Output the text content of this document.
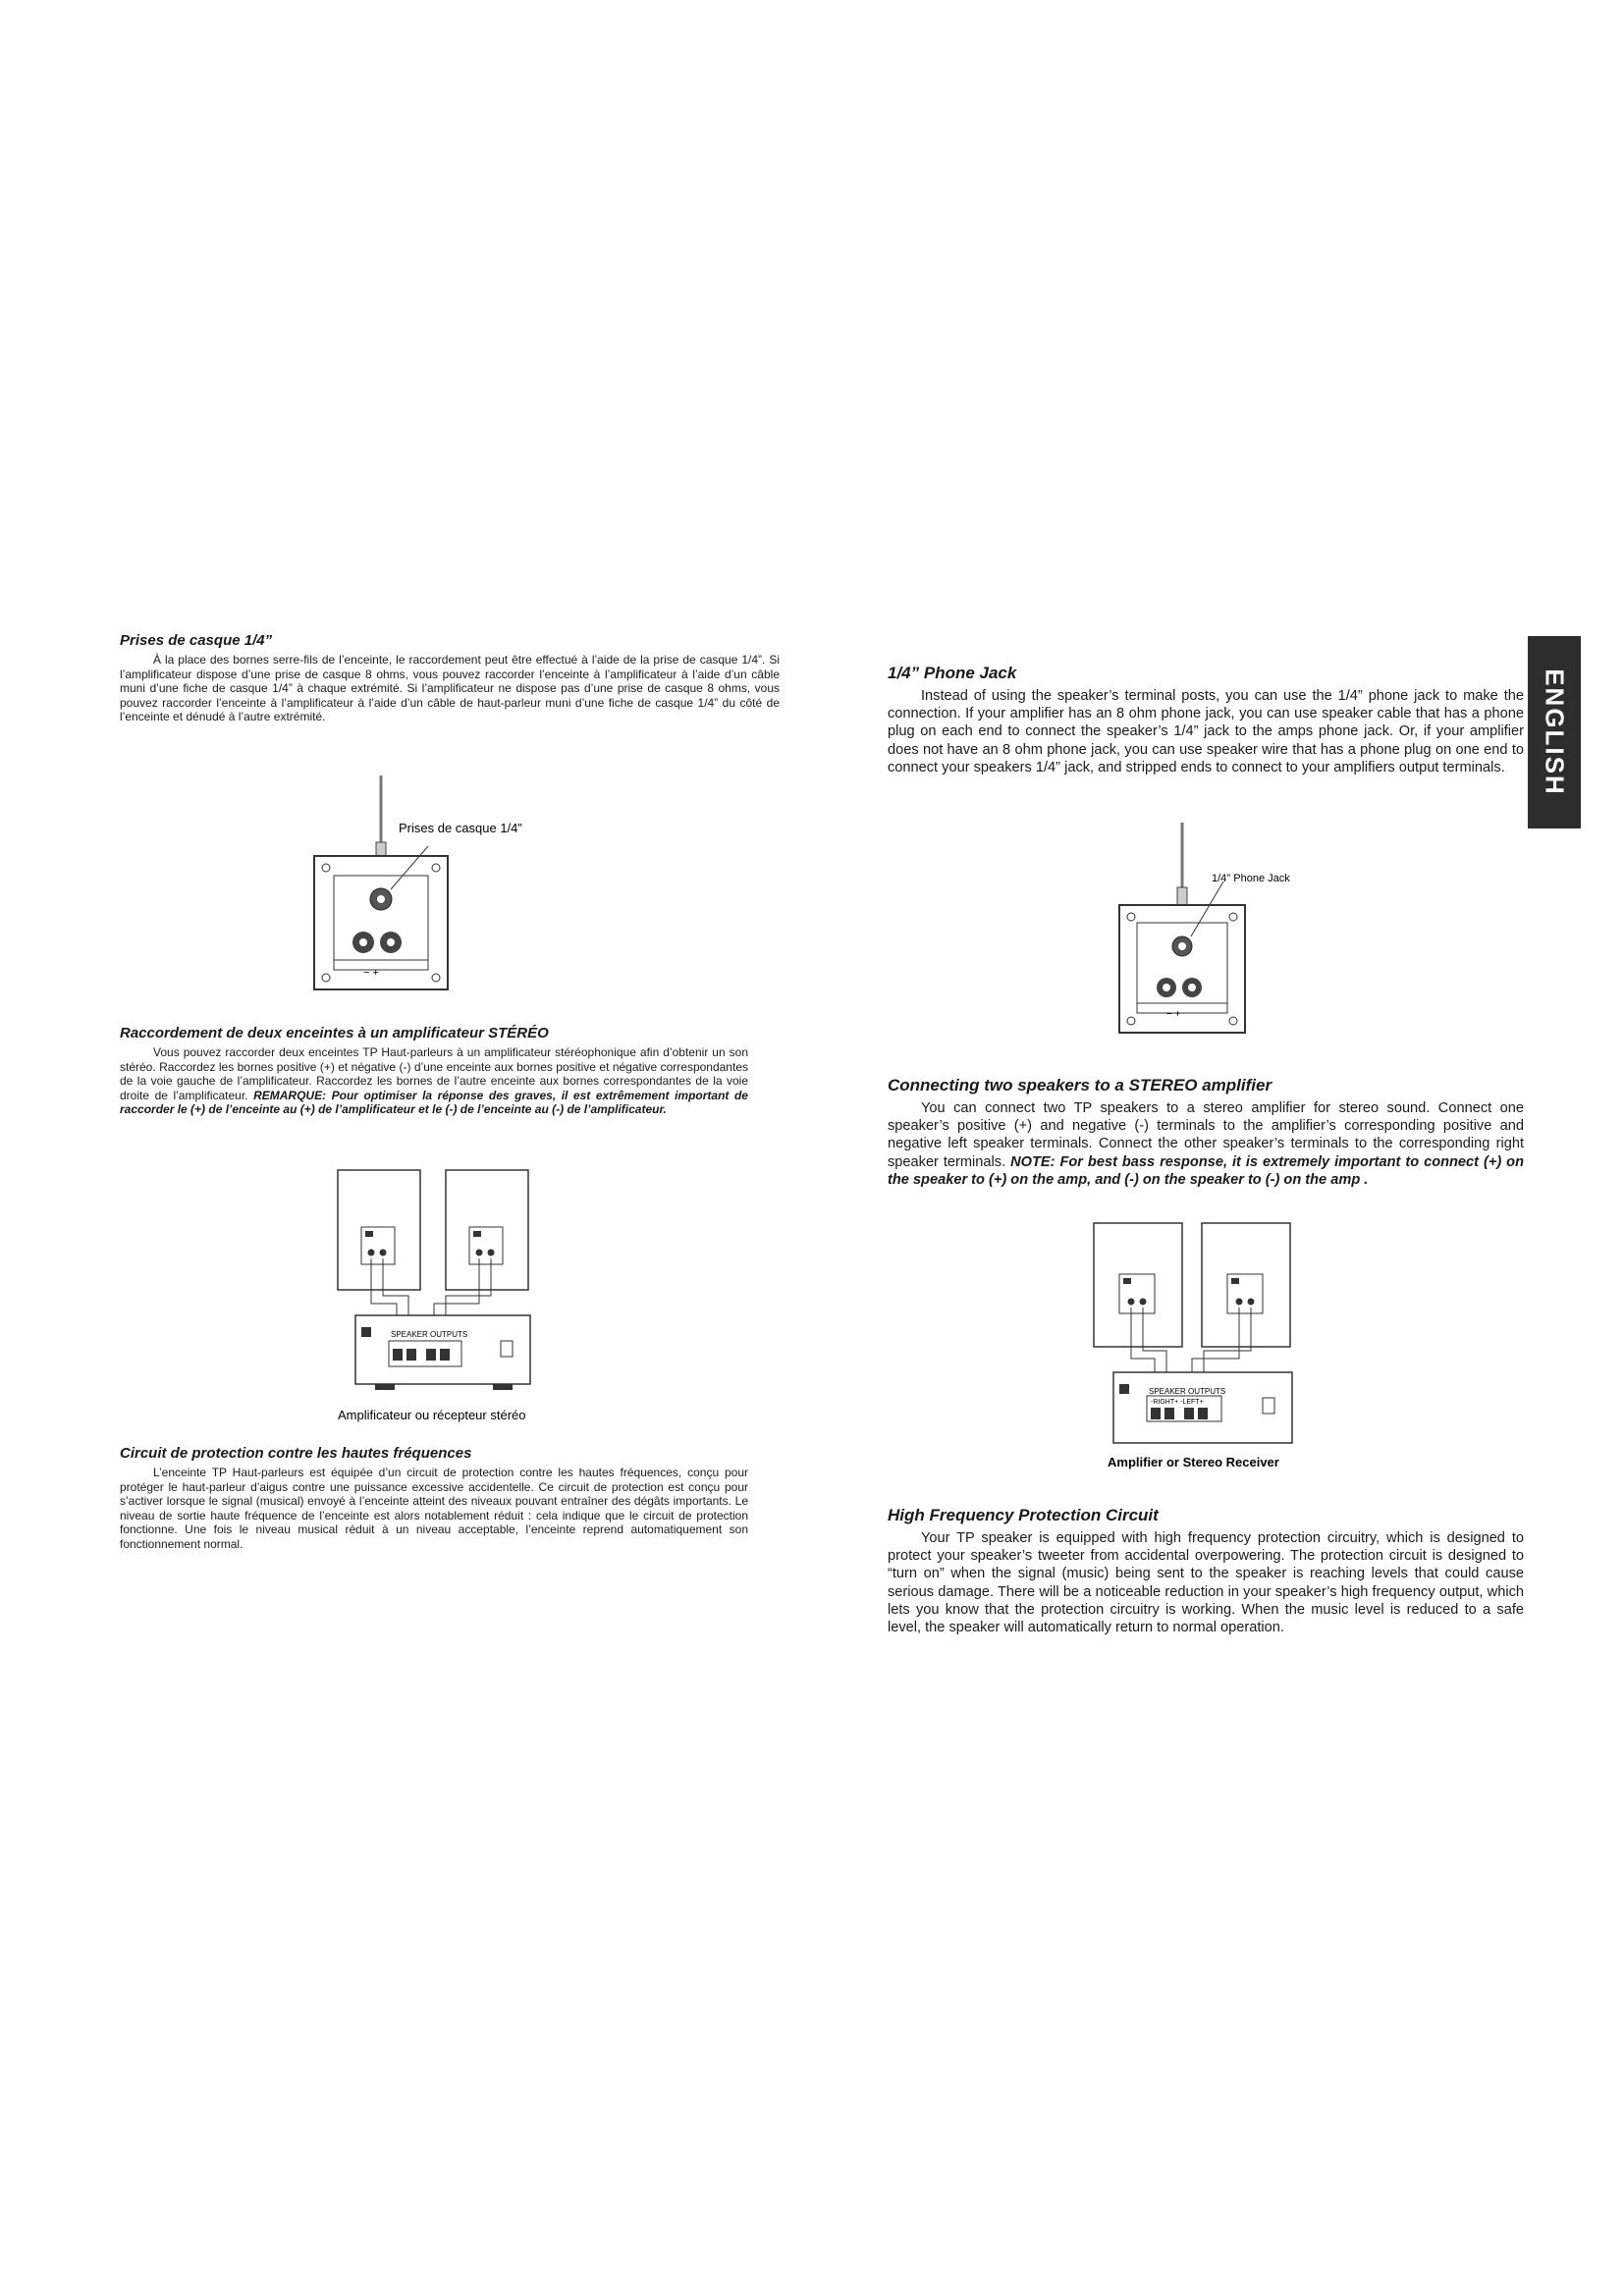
Prises de casque 1/4”

À la place des bornes serre-fils de l’enceinte, le raccordement peut être effectué à l’aide de la prise de casque 1/4”. Si l’amplificateur dispose d’une prise de casque 8 ohms, vous pouvez raccorder l’enceinte à l’amplificateur à l’aide d’un câble muni d’une fiche de casque 1/4” à chaque extrémité. Si l’amplificateur ne dispose pas d’une prise de casque 8 ohms, vous pouvez raccorder l’enceinte à l’amplificateur à l’aide d’un câble de haut-parleur muni d’une fiche de casque 1/4” du côté de l’enceinte et dénudé à l’autre extrémité.

− +
Prises de casque 1/4”

Raccordement de deux enceintes à un amplificateur STÉRÉO

Vous pouvez raccorder deux enceintes TP Haut-parleurs à un amplificateur stéréophonique afin d’obtenir un son stéréo. Raccordez les bornes positive (+) et négative (-) d’une enceinte aux bornes positive et négative correspondantes de la voie gauche de l’amplificateur. Raccordez les bornes de l’autre enceinte aux bornes correspondantes de la voie droite de l’amplificateur. REMARQUE: Pour optimiser la réponse des graves, il est extrêmement important de raccorder le (+) de l’enceinte au (+) de l’amplificateur et le (-) de l’enceinte au (-) de l’amplificateur.

SPEAKER OUTPUTS
Amplificateur ou récepteur stéréo

Circuit de protection contre les hautes fréquences

L’enceinte TP Haut-parleurs est équipée d’un circuit de protection contre les hautes fréquences, conçu pour protéger le haut-parleur d’aigus contre une puissance excessive accidentelle. Ce circuit de protection est conçu pour s’activer lorsque le signal (musical) envoyé à l’enceinte atteint des niveaux pouvant entraîner des dégâts importants. Le niveau de sortie haute fréquence de l’enceinte est alors notablement réduit : cela indique que le circuit de protection fonctionne. Une fois le niveau musical réduit à un niveau acceptable, l’enceinte reprend automatiquement son fonctionnement normal.

ENGLISH

1/4” Phone Jack

Instead of using the speaker’s terminal posts, you can use the 1/4” phone jack to make the connection. If your amplifier has an 8 ohm phone jack, you can use speaker cable that has a phone plug on each end to connect the speaker’s 1/4” jack to the amps phone jack. Or, if your amplifier does not have an 8 ohm phone jack, you can use speaker wire that has a phone plug on one end to connect your speakers 1/4” jack, and stripped ends to connect to your amplifiers output terminals.

− +
1/4" Phone Jack

Connecting two speakers to a STEREO amplifier

You can connect two TP speakers to a stereo amplifier for stereo sound. Connect one speaker’s positive (+) and negative (-) terminals to the amplifier’s corresponding positive and negative left speaker terminals. Connect the other speaker’s terminals to the corresponding right speaker terminals. NOTE: For best bass response, it is extremely important to connect (+) on the speaker to (+) on the amp, and (-) on the speaker to (-) on the amp .

SPEAKER OUTPUTS
-RIGHT+ -LEFT+
Amplifier or Stereo Receiver

High Frequency Protection Circuit

Your TP speaker is equipped with high frequency protection circuitry, which is designed to protect your speaker’s tweeter from accidental overpowering. The protection circuit is designed to “turn on” when the signal (music) being sent to the speaker is reaching levels that could cause serious damage. There will be a noticeable reduction in your speaker’s high frequency output, which lets you know that the protection circuitry is working. When the music level is reduced to a safe level, the speaker will automatically return to normal operation.
